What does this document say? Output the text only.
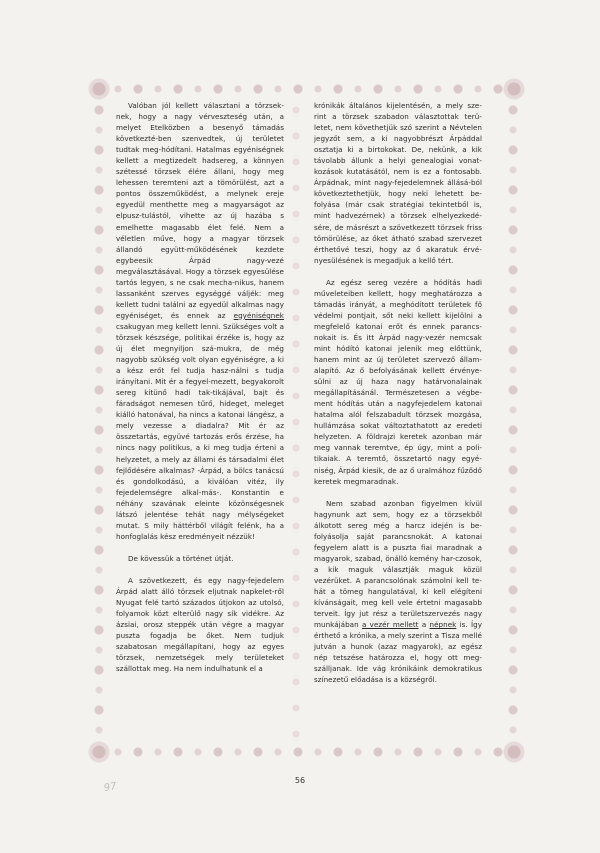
Valóban jól kellett választani a törzsek-nek, hogy a nagy vérveszteség után, a melyet Etelközben a besenyő támadás következté-ben szenvedtek, új területet tudtak meg-hódítani. Hatalmas egyéniségnek kellett a megtizedelt hadsereg, a könnyen szétessé törzsek élére állani, hogy meg lehessen teremteni azt a tömörülést, azt a pontos összeműködést, a melynek ereje egyedül menthette meg a magyarságot az elpusz-tulástól, vihette az új hazába s emelhette magasabb élet felé. Nem a véletlen műve, hogy a magyar törzsek állandó együtt-működésének kezdete egybeesik Árpád nagy-vezé megválasztásával. Hogy a törzsek egyesülése tartós legyen, s ne csak mecha-nikus, hanem lassanként szerves egységgé váljék: meg kellett tudni találni az egyedül alkalmas nagy egyéniséget, és ennek az egyéniségnek csakugyan meg kellett lenni. Szükséges volt a törzsek készsége, politikai érzéke is, hogy az új élet megnyiljon szá-mukra, de még nagyobb szükség volt olyan egyéniségre, a ki a kész erőt fel tudja hasz-nálni s tudja irányítani. Mit ér a fegyel-mezett, begyakorolt sereg kitünő hadi tak-tikájával, bajt és fáradságot nemesen tűrő, hideget, meleget kiálló hatonával, ha nincs a katonai lángész, a mely vezesse a diadalra? Mit ér az összetartás, együvé tartozás erős érzése, ha nincs nagy politikus, a ki meg tudja érteni a helyzetet, a mely az állami és társadalmi élet fejlődésére alkalmas? -Árpád, a bölcs tanácsú és gondolkodású, a kiválóan vitéz, ily fejedelemségre alkal-más-. Konstantin e néhány szavának eleinte közönségesnek látszó jelentése tehát nagy mélységeket mutat. S mily háttérből világít felénk, ha a honfoglalás kész eredményeit nézzük!

De kövessük a történet útját.

A szövetkezett, és egy nagy-fejedelem Árpád alatt álló törzsek eljutnak napkelet-ről Nyugat felé tartó százados útjokon az utolsó, folyamok közt elterülő nagy sík vidékre. Az ázsiai, orosz steppék után végre a magyar puszta fogadja be őket. Nem tudjuk szabatosan megállapítani, hogy az egyes törzsek, nemzetségek mely területeket szállottak meg. Ha nem indulhatunk el a

krónikák általános kijelentésén, a mely sze-rint a törzsek szabadon választottak terü-letet, nem követhetjük szó szerint a Névtelen jegyzőt sem, a ki nagyobbrészt Árpáddal osztatja ki a birtokokat. De, nekünk, a kik távolabb állunk a helyi genealogiai vonat-kozások kutatásától, nem is ez a fontosabb. Árpádnak, mint nagy-fejedelemnek állásá-ból következtethetjük, hogy neki lehetett be-folyása (már csak stratégiai tekintetből is, mint hadvezérnek) a törzsek elhelyezkedé-sére, de másrészt a szövetkezett törzsek friss tömörülése, az őket átható szabad szervezet érthetővé teszi, hogy az ő akaratuk érvé-nyesülésének is megadjuk a kellő tért.

Az egész sereg vezére a hódítás hadi műveleteiben kellett, hogy meghatározza a támadás irányát, a meghódított területek fő védelmi pontjait, sőt neki kellett kijelölni a megfelelő katonai erőt és ennek parancs-nokait is. És itt Árpád nagy-vezér nemcsak mint hódító katonai jelenik meg előttünk, hanem mint az új területet szervező állam-alapító. Az ő befolyásának kellett érvénye-sülni az új haza nagy határvonalainak megállapításánál. Természetesen a végbe-ment hódítás után a nagyfejedelem katonai hatalma alól felszabadult törzsek mozgása, hullámzása sokat változtathatott az eredeti helyzeten. A földrajzi keretek azonban már meg vannak teremtve, ép úgy, mint a poli-tikaiak. A teremtő, összetartó nagy egyé-niség, Árpád kiesik, de az ő uralmához fűződő keretek megmaradnak.

Nem szabad azonban figyelmen kívül hagynunk azt sem, hogy ez a törzsekből álkotott sereg még a harcz idején is be-folyásolja saját parancsnokát. A katonai fegyelem alatt is a puszta fiai maradnak a magyarok, szabad, önálló kemény har-czosok, a kik maguk választják maguk közül vezérüket. A parancsolónak számolni kell te-hát a tömeg hangulatával, ki kell elégíteni kívánságait, meg kell vele értetni magasabb terveit. Így jut rész a területszervezés nagy munkájában a vezér mellett a népnek is. Így érthető a krónika, a mely szerint a Tisza mellé jutván a hunok (azaz magyarok), az egész nép tetszése határozza el, hogy ott meg-szálljanak. Ide vág krónikáink demokratikus színezetű előadása is a községről.

97
56
